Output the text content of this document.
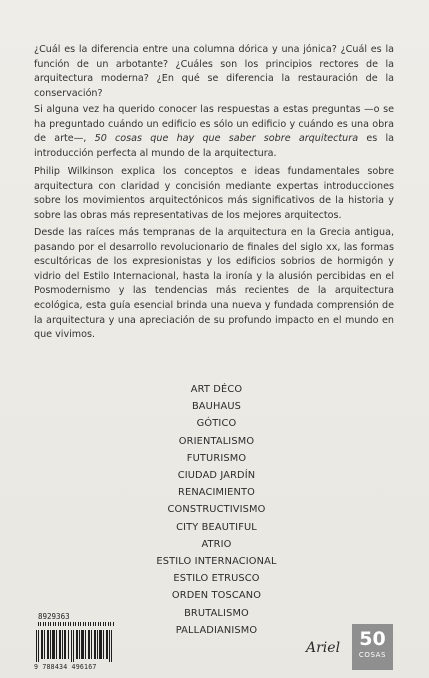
¿Cuál es la diferencia entre una columna dórica y una jónica? ¿Cuál es la función de un arbotante? ¿Cuáles son los principios rectores de la arquitectura moderna? ¿En qué se diferencia la restauración de la conservación?

Si alguna vez ha querido conocer las respuestas a estas preguntas —o se ha preguntado cuándo un edificio es sólo un edificio y cuándo es una obra de arte—, 50 cosas que hay que saber sobre arquitectura es la introducción perfecta al mundo de la arquitectura.

Philip Wilkinson explica los conceptos e ideas fundamentales sobre arquitectura con claridad y concisión mediante expertas introducciones sobre los movimientos arquitectónicos más significativos de la historia y sobre las obras más representativas de los mejores arquitectos.

Desde las raíces más tempranas de la arquitectura en la Grecia antigua, pasando por el desarrollo revolucionario de finales del siglo xx, las formas escultóricas de los expresionistas y los edificios sobrios de hormigón y vidrio del Estilo Internacional, hasta la ironía y la alusión percibidas en el Posmodernismo y las tendencias más recientes de la arquitectura ecológica, esta guía esencial brinda una nueva y fundada comprensión de la arquitectura y una apreciación de su profundo impacto en el mundo en que vivimos.

ART DÉCO
BAUHAUS
GÓTICO
ORIENTALISMO
FUTURISMO
CIUDAD JARDÍN
RENACIMIENTO
CONSTRUCTIVISMO
CITY BEAUTIFUL
ATRIO
ESTILO INTERNACIONAL
ESTILO ETRUSCO
ORDEN TOSCANO
BRUTALISMO
PALLADIANISMO
8929363
9 788434 496167
Ariel	50
COSAS
